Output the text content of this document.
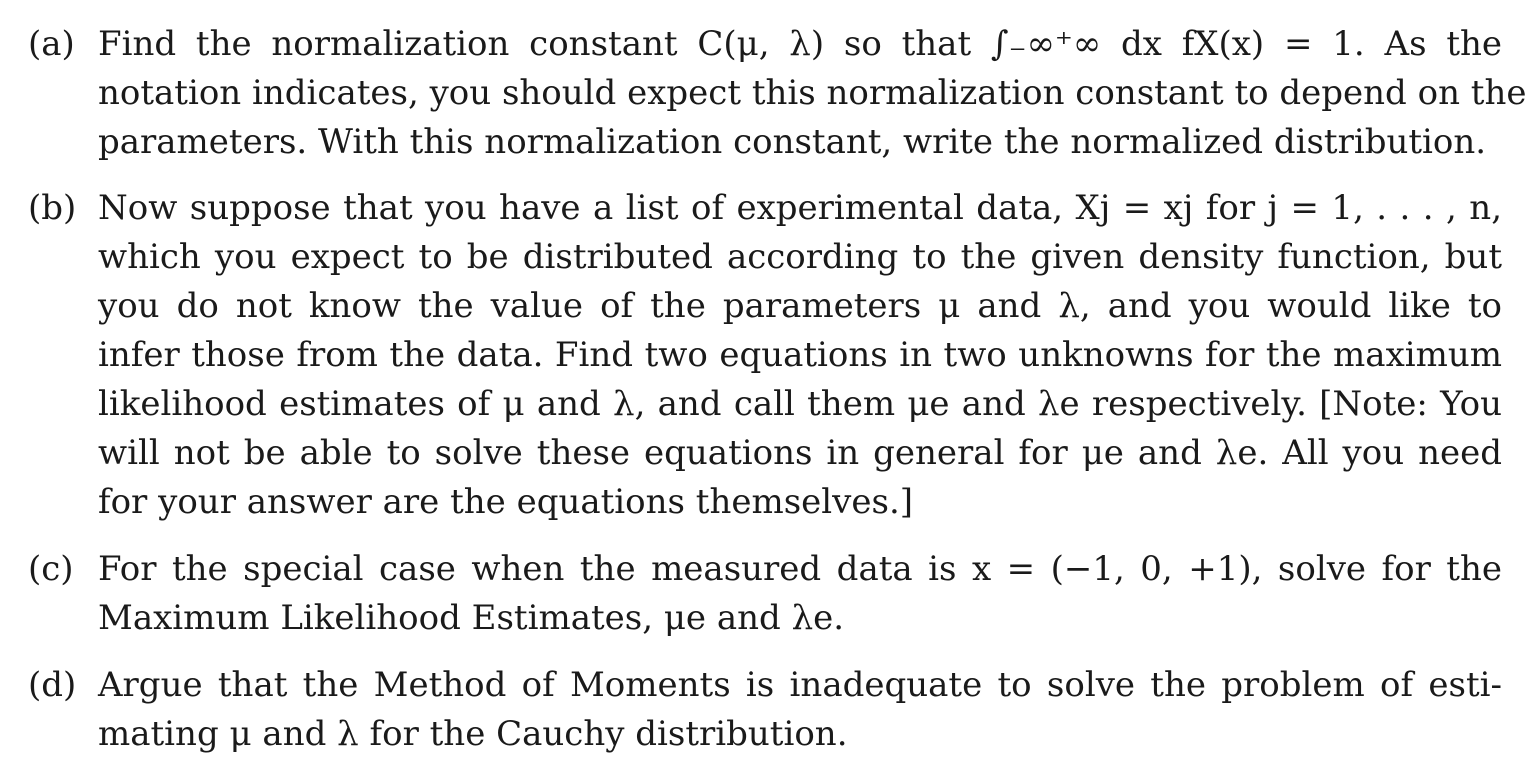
(a) Find the normalization constant C(μ, λ) so that ∫₋∞⁺∞ dx fX(x) = 1. As the
notation indicates, you should expect this normalization constant to depend on the
parameters. With this normalization constant, write the normalized distribution.
(b) Now suppose that you have a list of experimental data, Xj = xj for j = 1, . . . , n,
which you expect to be distributed according to the given density function, but
you do not know the value of the parameters μ and λ, and you would like to
infer those from the data. Find two equations in two unknowns for the maximum
likelihood estimates of μ and λ, and call them μe and λe respectively. [Note: You
will not be able to solve these equations in general for μe and λe. All you need
for your answer are the equations themselves.]
(c) For the special case when the measured data is x = (−1, 0, +1), solve for the
Maximum Likelihood Estimates, μe and λe.
(d) Argue that the Method of Moments is inadequate to solve the problem of esti-
mating μ and λ for the Cauchy distribution.
